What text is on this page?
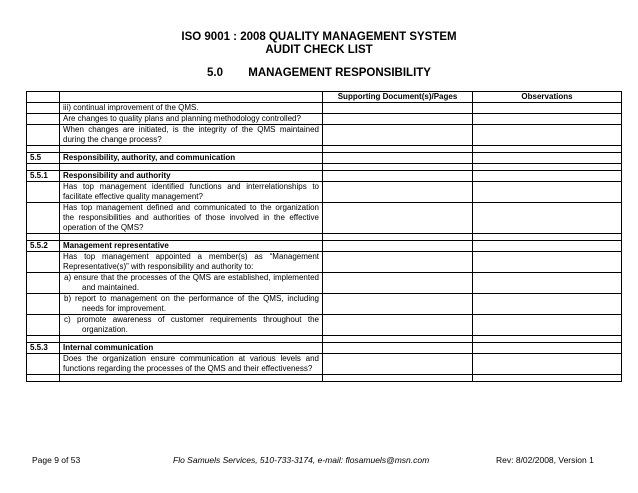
ISO 9001 : 2008 QUALITY MANAGEMENT SYSTEM
AUDIT CHECK LIST
5.0 MANAGEMENT RESPONSIBILITY
		Supporting Document(s)/Pages	Observations
	iii) continual improvement of the QMS.		
	Are changes to quality plans and planning methodology controlled?		
	When changes are initiated, is the integrity of the QMS maintained during the change process?		

5.5	Responsibility, authority, and communication		

5.5.1	Responsibility and authority		
	Has top management identified functions and interrelationships to facilitate effective quality management?		
	Has top management defined and communicated to the organization the responsibilities and authorities of those involved in the effective operation of the QMS?		

5.5.2	Management representative		
	Has top management appointed a member(s) as “Management Representative(s)” with responsibility and authority to:		
	a) ensure that the processes of the QMS are established, implemented and maintained.		
	b) report to management on the performance of the QMS, including needs for improvement.		
	c) promote awareness of customer requirements throughout the organization.		

5.5.3	Internal communication		
	Does the organization ensure communication at various levels and functions regarding the processes of the QMS and their effectiveness?		

Page 9 of 53	Flo Samuels Services, 510-733-3174, e-mail: flosamuels@msn.com	Rev: 8/02/2008, Version 1
